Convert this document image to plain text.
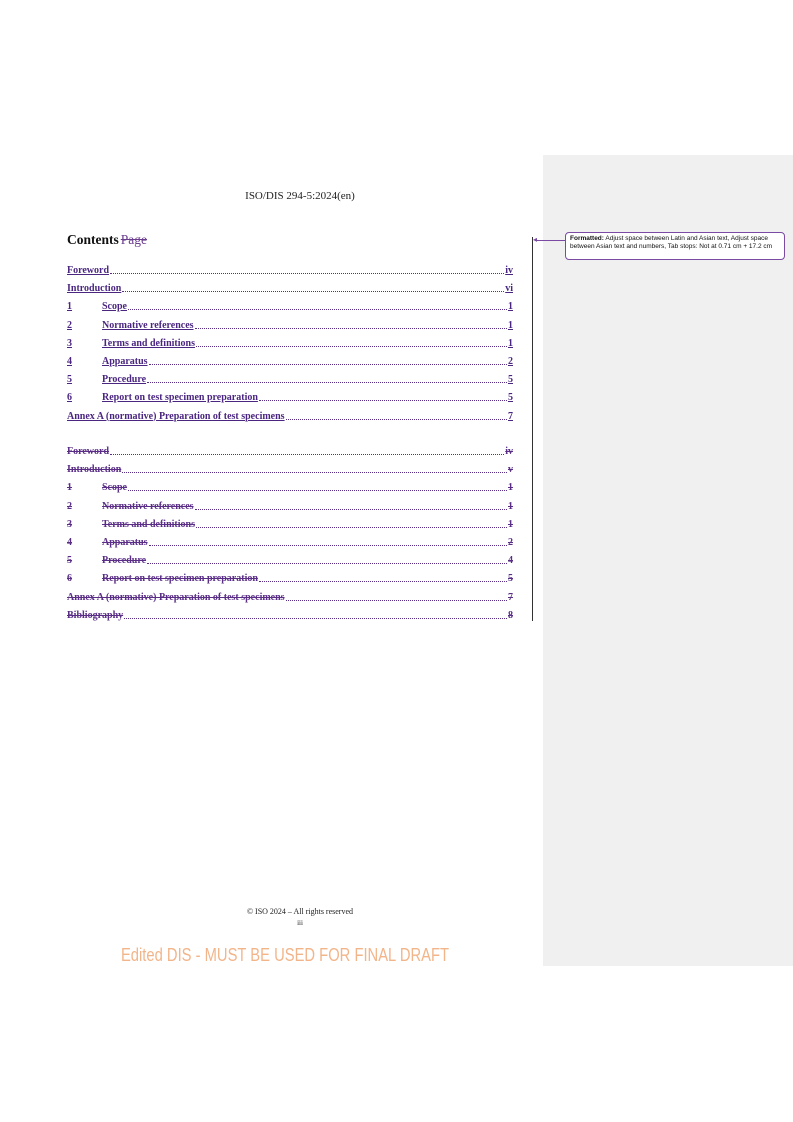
ISO/DIS 294-5:2024(en)
Contents Page
Foreword	iv
Introduction	vi
1	Scope	1
2	Normative references	1
3	Terms and definitions	1
4	Apparatus	2
5	Procedure	5
6	Report on test specimen preparation	5
Annex A (normative) Preparation of test specimens	7
Foreword	iv
Introduction	v
1	Scope	1
2	Normative references	1
3	Terms and definitions	1
4	Apparatus	2
5	Procedure	4
6	Report on test specimen preparation	5
Annex A (normative) Preparation of test specimens	7
Bibliography	8
◂	Formatted: Adjust space between Latin and Asian text, Adjust space between Asian text and numbers, Tab stops: Not at 0.71 cm + 17.2 cm
© ISO 2024 – All rights reserved
iii
Edited DIS - MUST BE USED FOR FINAL DRAFT
